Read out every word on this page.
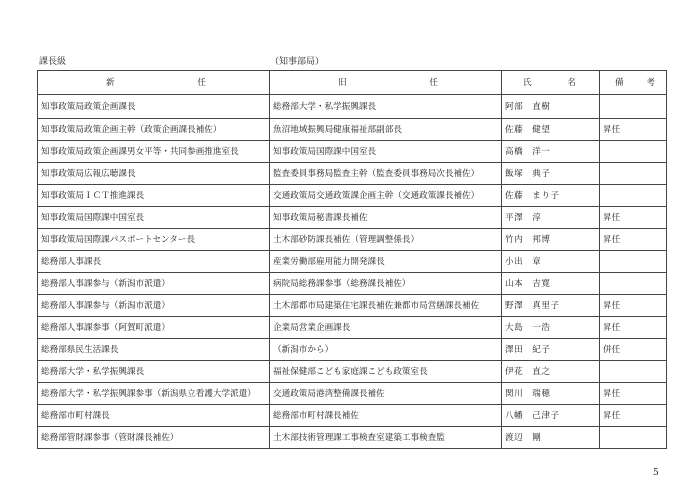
課長級	（知事部局）
新 任	旧 任	氏 名	備 考

知事政策局政策企画課長	総務部大学・私学振興課長	阿部　直樹	
知事政策局政策企画主幹（政策企画課長補佐）	魚沼地域振興局健康福祉部副部長	佐藤　健望	昇任
知事政策局政策企画課男女平等・共同参画推進室長	知事政策局国際課中国室長	高橋　洋一	
知事政策局広報広聴課長	監査委員事務局監査主幹（監査委員事務局次長補佐）	飯塚　典子	
知事政策局ＩＣＴ推進課長	交通政策局交通政策課企画主幹（交通政策課長補佐）	佐藤　まり子	
知事政策局国際課中国室長	知事政策局秘書課長補佐	平澤　淳	昇任
知事政策局国際課パスポートセンター長	土木部砂防課長補佐（管理調整係長）	竹内　邦博	昇任
総務部人事課長	産業労働部雇用能力開発課長	小出　章	
総務部人事課参与（新潟市派遣）	病院局総務課参事（総務課長補佐）	山本　吉寛	
総務部人事課参与（新潟市派遣）	土木部都市局建築住宅課長補佐兼都市局営繕課長補佐	野澤　真里子	昇任
総務部人事課参事（阿賀町派遣）	企業局営業企画課長	大島　一浩	昇任
総務部県民生活課長	（新潟市から）	澤田　紀子	併任
総務部大学・私学振興課長	福祉保健部こども家庭課こども政策室長	伊花　直之	
総務部大学・私学振興課参事（新潟県立看護大学派遣）	交通政策局港湾整備課長補佐	関川　瑞穂	昇任
総務部市町村課長	総務部市町村課長補佐	八幡　己津子	昇任
総務部管財課参事（管財課長補佐）	土木部技術管理課工事検査室建築工事検査監	渡辺　剛	
5
